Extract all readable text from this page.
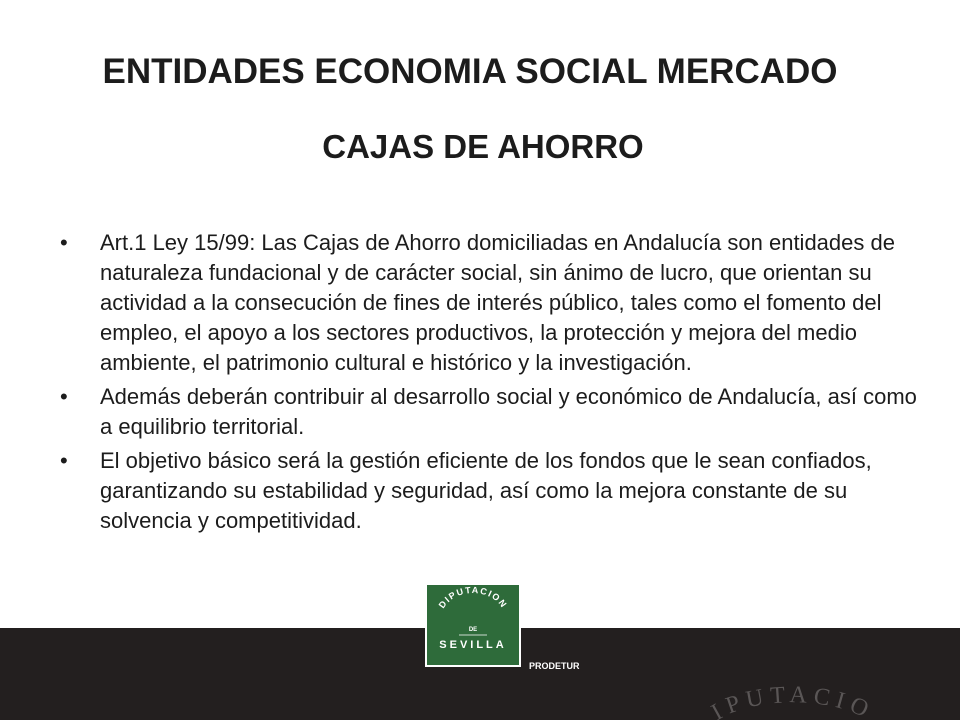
ENTIDADES ECONOMIA SOCIAL MERCADO
CAJAS DE AHORRO
• Art.1 Ley 15/99: Las Cajas de Ahorro domiciliadas en Andalucía son entidades de naturaleza fundacional y de carácter social, sin ánimo de lucro, que orientan su actividad a la consecución de fines de interés público, tales como el fomento del empleo, el apoyo a los sectores productivos, la protección y mejora del medio ambiente, el patrimonio cultural e histórico y la investigación.
• Además deberán contribuir al desarrollo social y económico de Andalucía, así como a equilibrio territorial.
• El objetivo básico será la gestión eficiente de los fondos que le sean confiados, garantizando su estabilidad y seguridad, así como la mejora constante de su solvencia y competitividad.
DIPUTACION
DE
SEVILLA
PRODETUR
IPUTACIO
